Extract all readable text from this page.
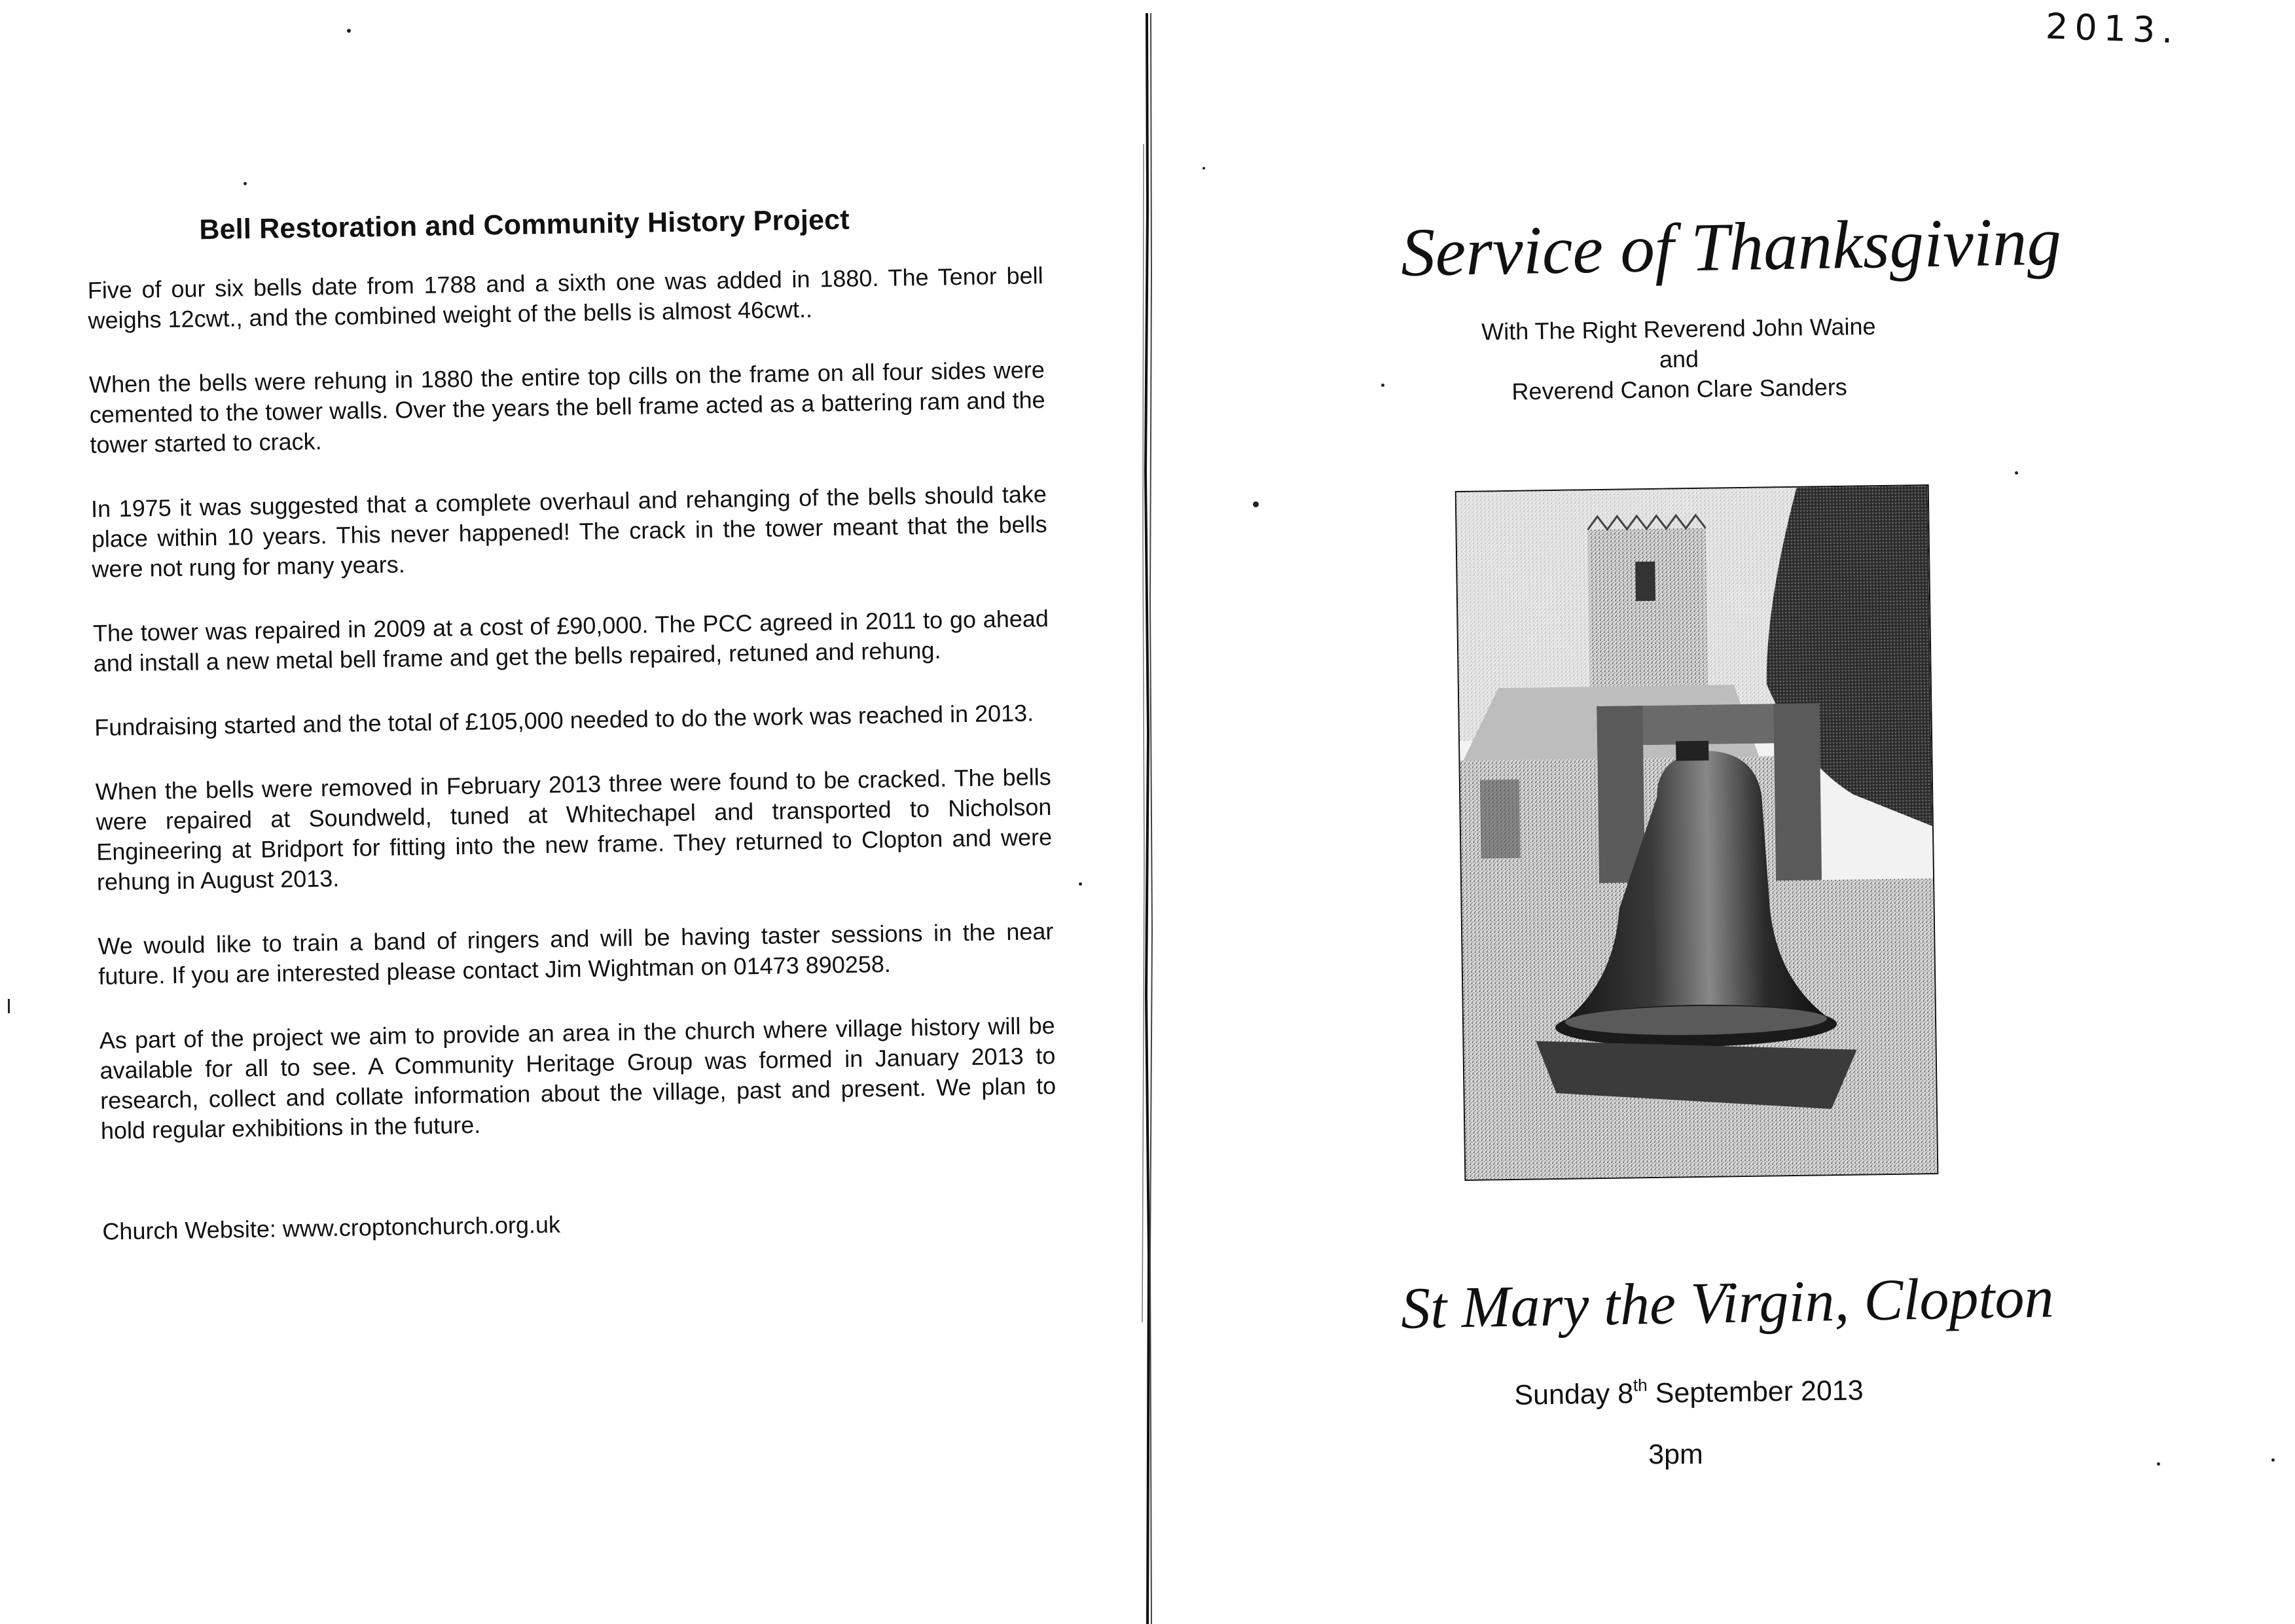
Bell Restoration and Community History Project

Five of our six bells date from 1788 and a sixth one was added in 1880. The Tenor bell weighs 12cwt., and the combined weight of the bells is almost 46cwt..

When the bells were rehung in 1880 the entire top cills on the frame on all four sides were cemented to the tower walls. Over the years the bell frame acted as a battering ram and the tower started to crack.

In 1975 it was suggested that a complete overhaul and rehanging of the bells should take place within 10 years. This never happened! The crack in the tower meant that the bells were not rung for many years.

The tower was repaired in 2009 at a cost of £90,000. The PCC agreed in 2011 to go ahead and install a new metal bell frame and get the bells repaired, retuned and rehung.

Fundraising started and the total of £105,000 needed to do the work was reached in 2013.

When the bells were removed in February 2013 three were found to be cracked. The bells were repaired at Soundweld, tuned at Whitechapel and transported to Nicholson Engineering at Bridport for fitting into the new frame. They returned to Clopton and were rehung in August 2013.

We would like to train a band of ringers and will be having taster sessions in the near future. If you are interested please contact Jim Wightman on 01473 890258.

As part of the project we aim to provide an area in the church where village history will be available for all to see. A Community Heritage Group was formed in January 2013 to research, collect and collate information about the village, past and present. We plan to hold regular exhibitions in the future.

Church Website: www.croptonchurch.org.uk
2013.
Service of Thanksgiving
With The Right Reverend John Waine
and
Reverend Canon Clare Sanders
St Mary the Virgin, Clopton
Sunday 8th September 2013
3pm
